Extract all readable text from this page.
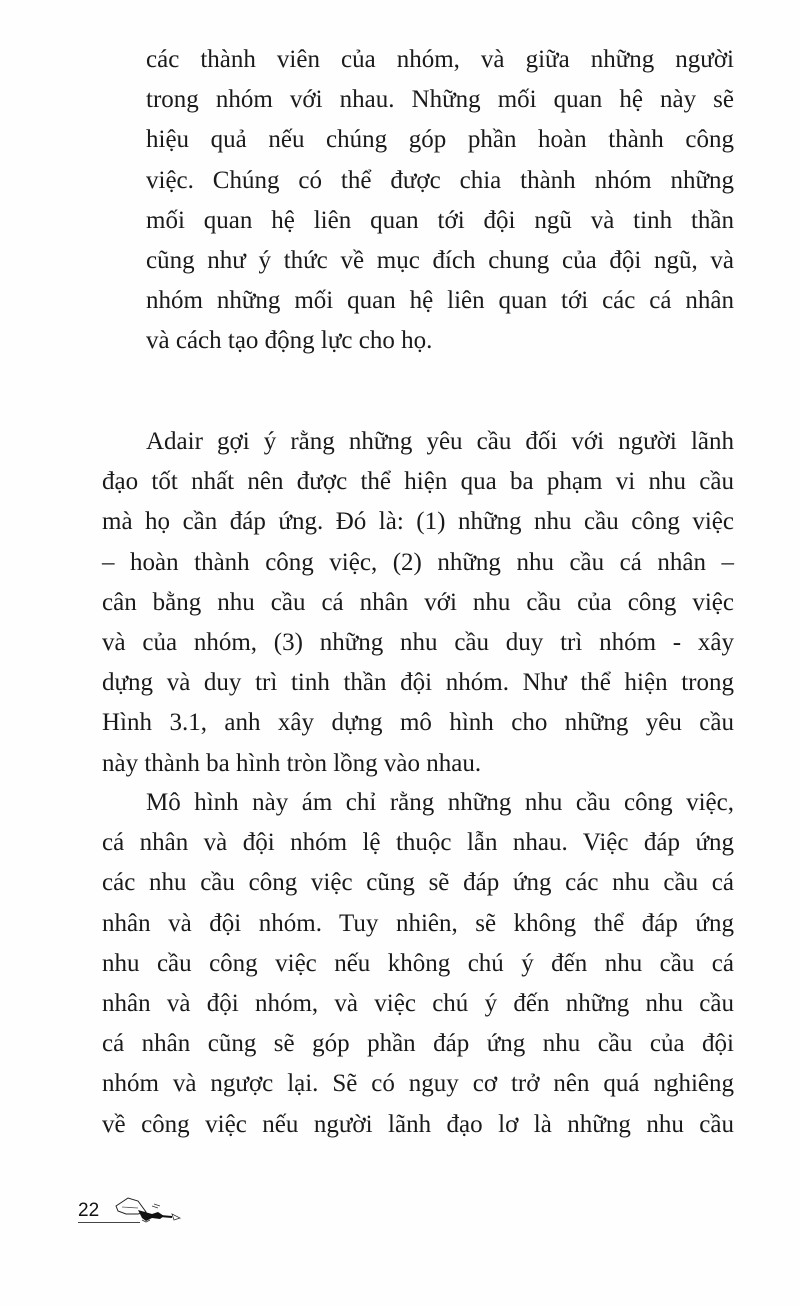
các thành viên của nhóm, và giữa những người
trong nhóm với nhau. Những mối quan hệ này sẽ
hiệu quả nếu chúng góp phần hoàn thành công
việc. Chúng có thể được chia thành nhóm những
mối quan hệ liên quan tới đội ngũ và tinh thần
cũng như ý thức về mục đích chung của đội ngũ, và
nhóm những mối quan hệ liên quan tới các cá nhân
và cách tạo động lực cho họ.
Adair gợi ý rằng những yêu cầu đối với người lãnh
đạo tốt nhất nên được thể hiện qua ba phạm vi nhu cầu
mà họ cần đáp ứng. Đó là: (1) những nhu cầu công việc
– hoàn thành công việc, (2) những nhu cầu cá nhân –
cân bằng nhu cầu cá nhân với nhu cầu của công việc
và của nhóm, (3) những nhu cầu duy trì nhóm - xây
dựng và duy trì tinh thần đội nhóm. Như thể hiện trong
Hình 3.1, anh xây dựng mô hình cho những yêu cầu
này thành ba hình tròn lồng vào nhau.
Mô hình này ám chỉ rằng những nhu cầu công việc,
cá nhân và đội nhóm lệ thuộc lẫn nhau. Việc đáp ứng
các nhu cầu công việc cũng sẽ đáp ứng các nhu cầu cá
nhân và đội nhóm. Tuy nhiên, sẽ không thể đáp ứng
nhu cầu công việc nếu không chú ý đến nhu cầu cá
nhân và đội nhóm, và việc chú ý đến những nhu cầu
cá nhân cũng sẽ góp phần đáp ứng nhu cầu của đội
nhóm và ngược lại. Sẽ có nguy cơ trở nên quá nghiêng
về công việc nếu người lãnh đạo lơ là những nhu cầu
22
